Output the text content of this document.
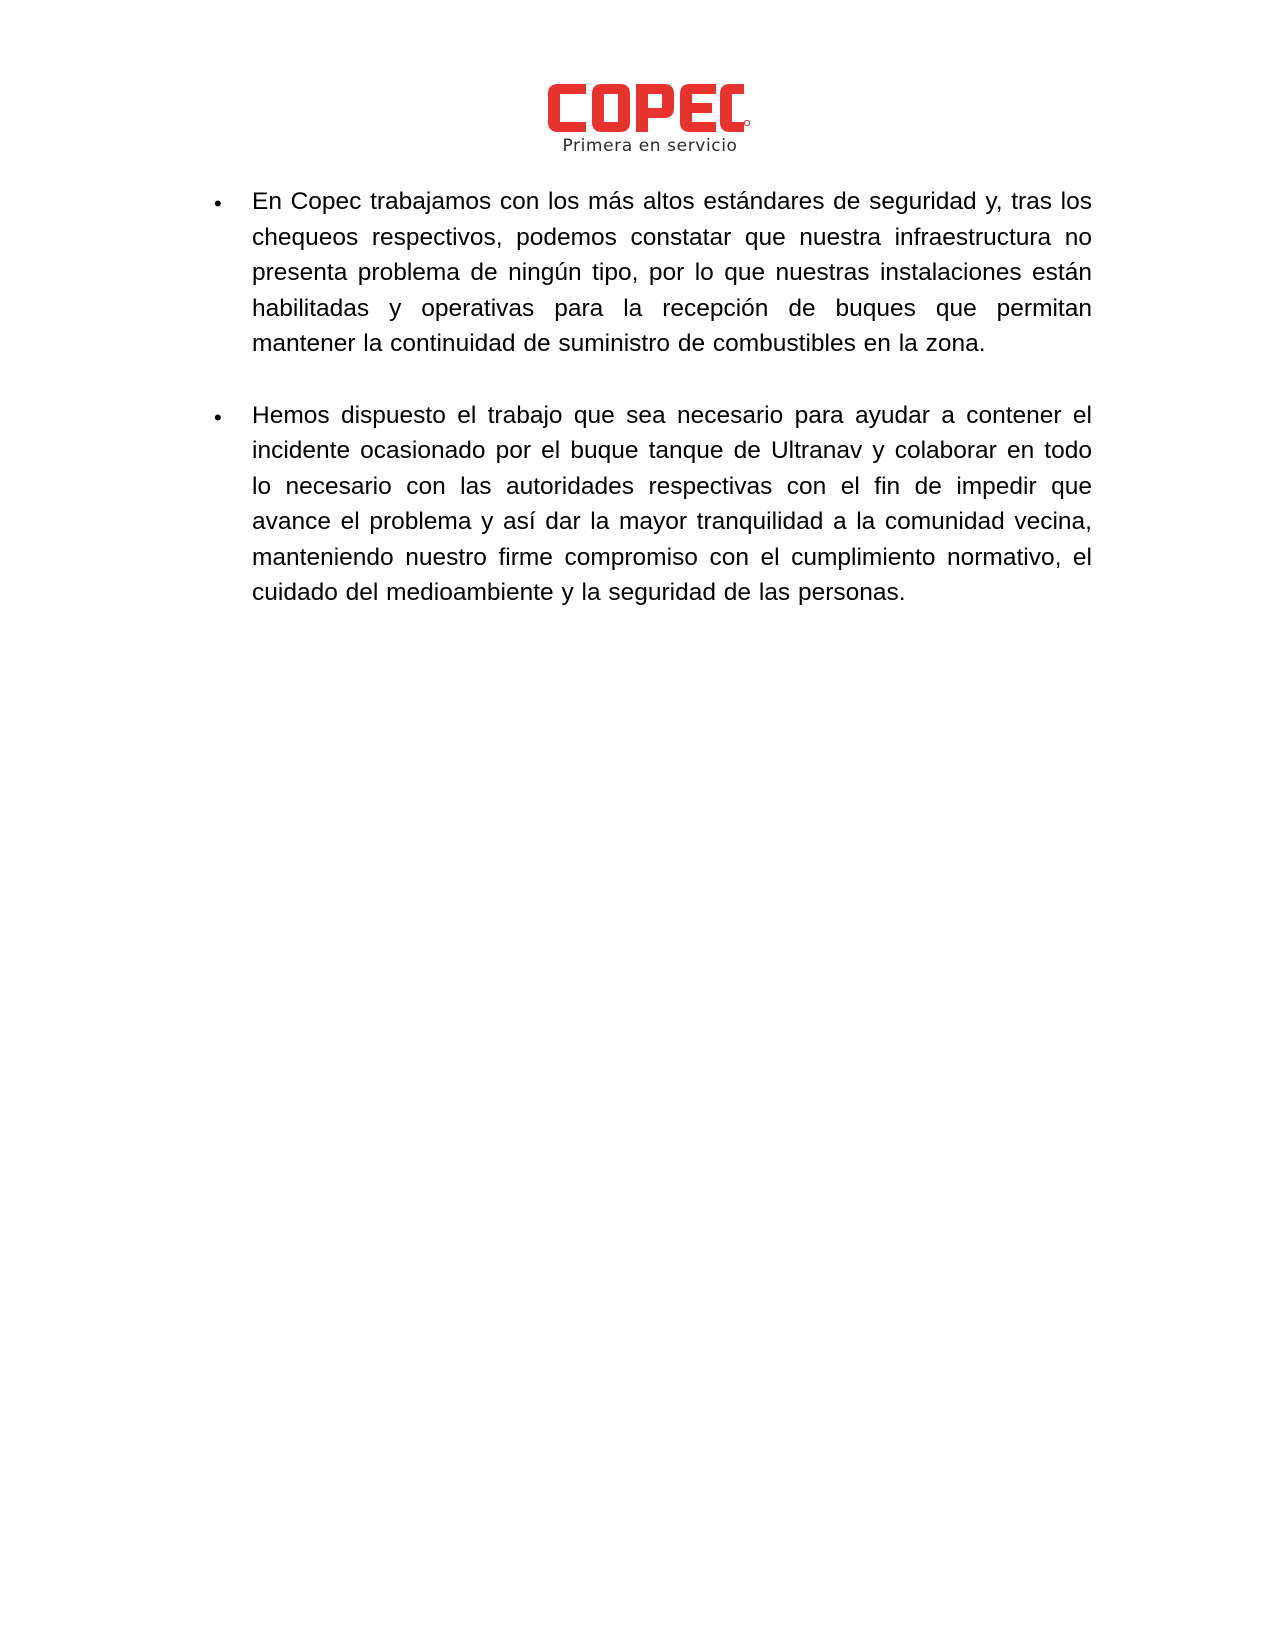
Primera en servicio
• En Copec trabajamos con los más altos estándares de seguridad y, tras los chequeos respectivos, podemos constatar que nuestra infraestructura no presenta problema de ningún tipo, por lo que nuestras instalaciones están habilitadas y operativas para la recepción de buques que permitan mantener la continuidad de suministro de combustibles en la zona.
• Hemos dispuesto el trabajo que sea necesario para ayudar a contener el incidente ocasionado por el buque tanque de Ultranav y colaborar en todo lo necesario con las autoridades respectivas con el fin de impedir que avance el problema y así dar la mayor tranquilidad a la comunidad vecina, manteniendo nuestro firme compromiso con el cumplimiento normativo, el cuidado del medioambiente y la seguridad de las personas.
